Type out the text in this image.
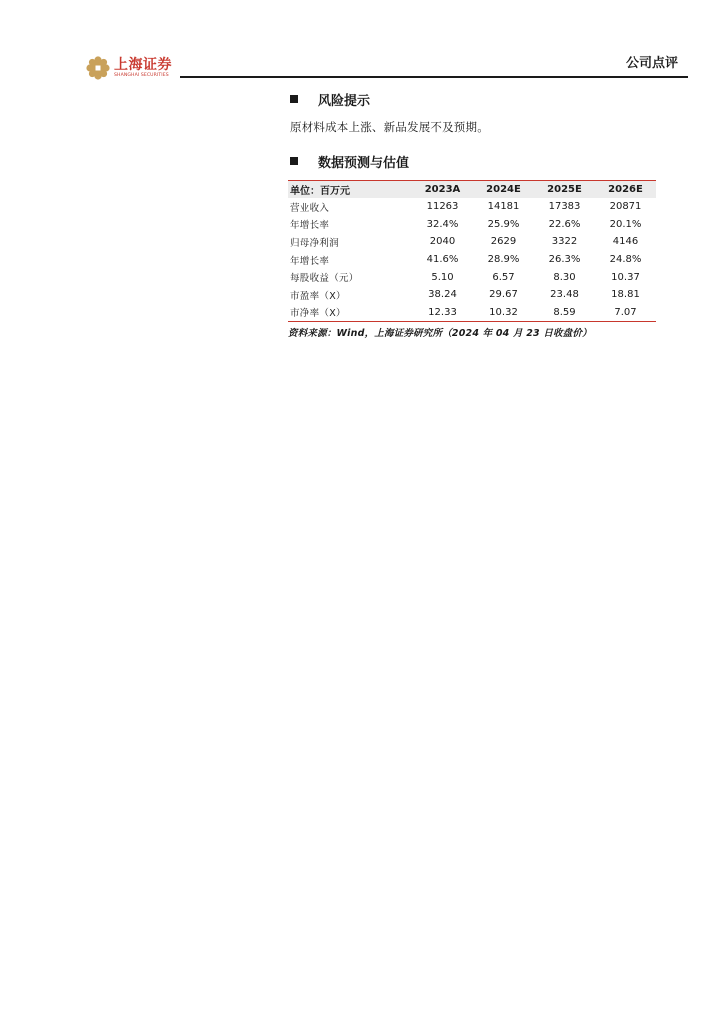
上海证券
SHANGHAI SECURITIES
公司点评
风险提示
原材料成本上涨、新品发展不及预期。
数据预测与估值
单位：百万元	2023A	2024E	2025E	2026E
营业收入	11263	14181	17383	20871
年增长率	32.4%	25.9%	22.6%	20.1%
归母净利润	2040	2629	3322	4146
年增长率	41.6%	28.9%	26.3%	24.8%
每股收益（元）	5.10	6.57	8.30	10.37
市盈率（X）	38.24	29.67	23.48	18.81
市净率（X）	12.33	10.32	8.59	7.07
资料来源：Wind，上海证券研究所（2024 年 04 月 23 日收盘价）
